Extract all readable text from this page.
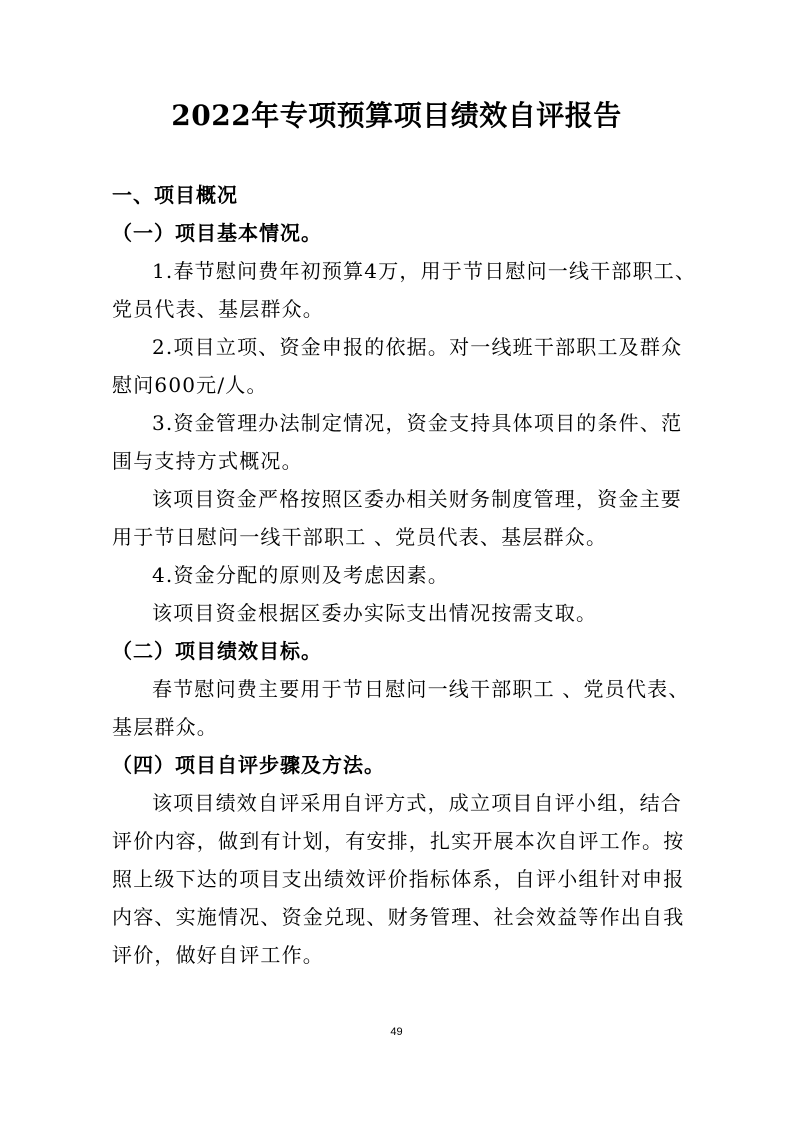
2022年专项预算项目绩效自评报告
一、项目概况
（一）项目基本情况。
1.春节慰问费年初预算4万，用于节日慰问一线干部职工、
党员代表、基层群众。
2.项目立项、资金申报的依据。对一线班干部职工及群众
慰问600元/人。
3.资金管理办法制定情况，资金支持具体项目的条件、范
围与支持方式概况。
该项目资金严格按照区委办相关财务制度管理，资金主要
用于节日慰问一线干部职工 、党员代表、基层群众。
4.资金分配的原则及考虑因素。
该项目资金根据区委办实际支出情况按需支取。
（二）项目绩效目标。
春节慰问费主要用于节日慰问一线干部职工 、党员代表、
基层群众。
（四）项目自评步骤及方法。
该项目绩效自评采用自评方式，成立项目自评小组，结合
评价内容，做到有计划，有安排，扎实开展本次自评工作。按
照上级下达的项目支出绩效评价指标体系，自评小组针对申报
内容、实施情况、资金兑现、财务管理、社会效益等作出自我
评价，做好自评工作。
49
